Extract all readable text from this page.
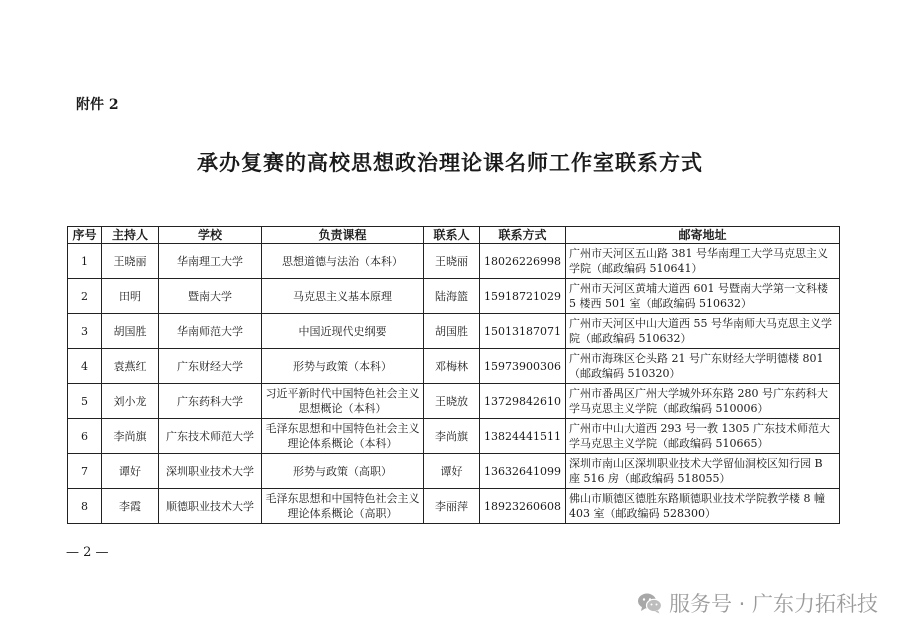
附件 2
承办复赛的高校思想政治理论课名师工作室联系方式
序号	主持人	学校	负责课程	联系人	联系方式	邮寄地址
1	王晓丽	华南理工大学	思想道德与法治（本科）	王晓丽	18026226998	广州市天河区五山路 381 号华南理工大学马克思主义学院（邮政编码 510641）
2	田明	暨南大学	马克思主义基本原理	陆海篮	15918721029	广州市天河区黄埔大道西 601 号暨南大学第一文科楼 5 楼西 501 室（邮政编码 510632）
3	胡国胜	华南师范大学	中国近现代史纲要	胡国胜	15013187071	广州市天河区中山大道西 55 号华南师大马克思主义学院（邮政编码 510632）
4	袁燕红	广东财经大学	形势与政策（本科）	邓梅林	15973900306	广州市海珠区仑头路 21 号广东财经大学明德楼 801（邮政编码 510320）
5	刘小龙	广东药科大学	习近平新时代中国特色社会主义思想概论（本科）	王晓放	13729842610	广州市番禺区广州大学城外环东路 280 号广东药科大学马克思主义学院（邮政编码 510006）
6	李尚旗	广东技术师范大学	毛泽东思想和中国特色社会主义理论体系概论（本科）	李尚旗	13824441511	广州市中山大道西 293 号一教 1305 广东技术师范大学马克思主义学院（邮政编码 510665）
7	谭好	深圳职业技术大学	形势与政策（高职）	谭好	13632641099	深圳市南山区深圳职业技术大学留仙洞校区知行园 B 座 516 房（邮政编码 518055）
8	李霞	顺德职业技术大学	毛泽东思想和中国特色社会主义理论体系概论（高职）	李丽萍	18923260608	佛山市顺德区德胜东路顺德职业技术学院教学楼 8 幢 403 室（邮政编码 528300）
— 2 —
服务号 · 广东力拓科技
